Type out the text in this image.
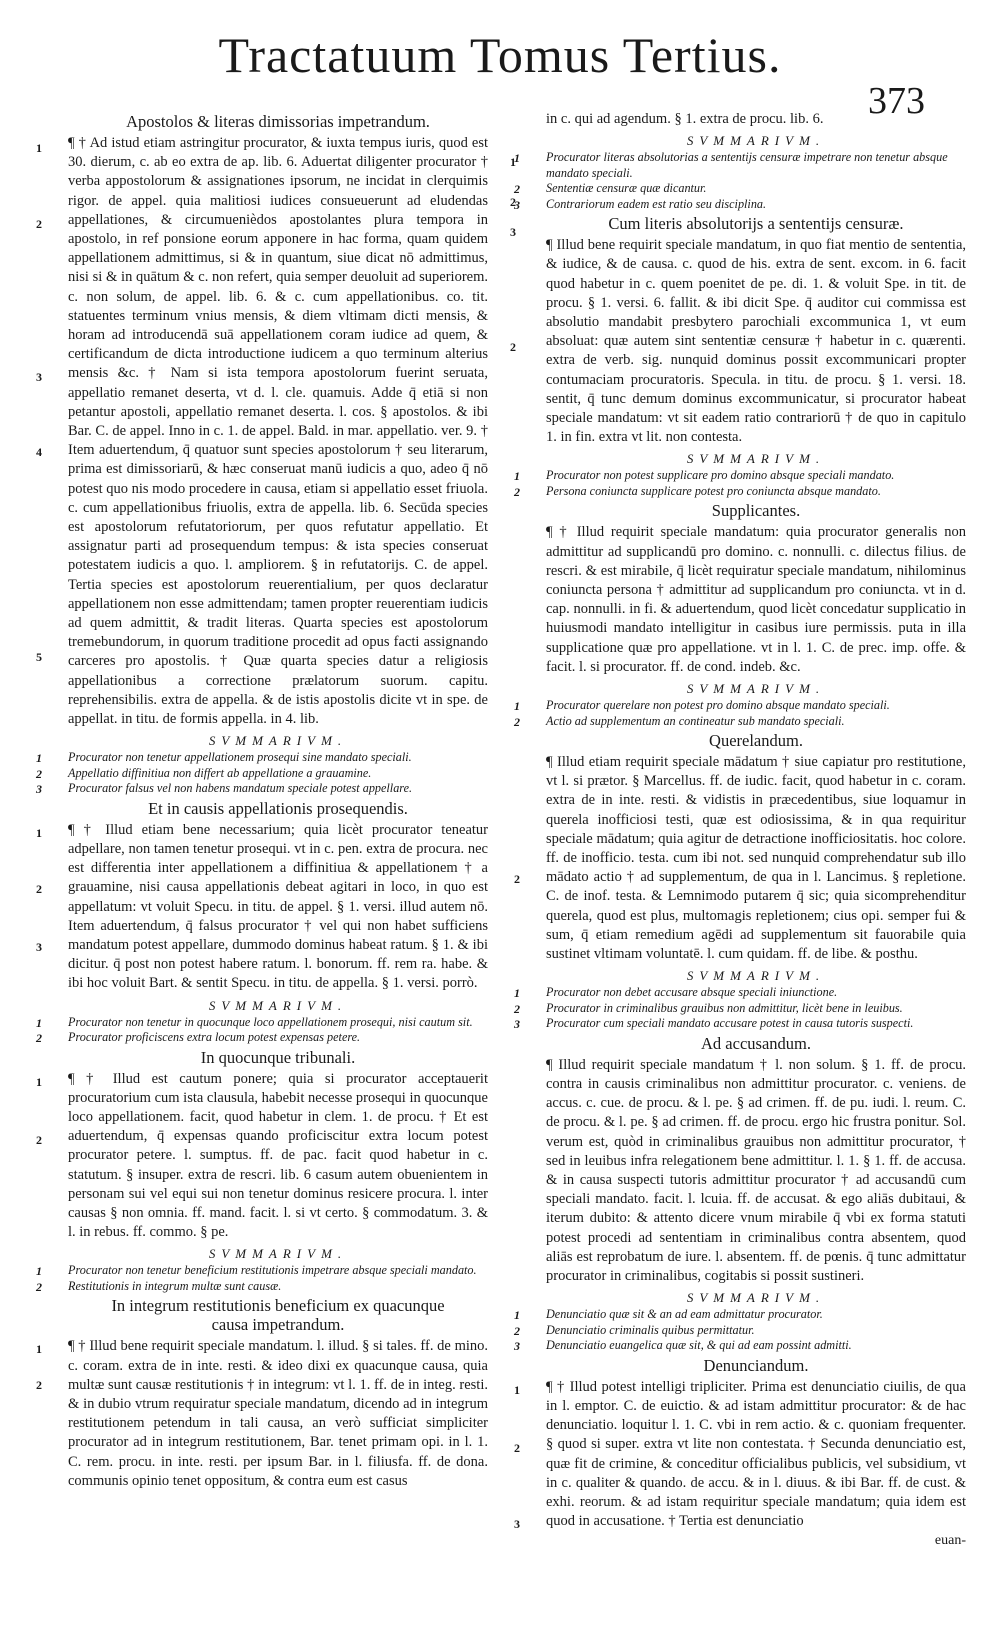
Tractatuum Tomus Tertius.
373
Apostolos & literas dimissorias impetrandum.
1
1
2
2
3
2
3
4
5

¶ † Ad istud etiam astringitur procurator, & iuxta tempus iuris, quod est 30. dierum, c. ab eo extra de ap. lib. 6. Aduertat diligenter procurator † verba appostolorum & assignationes ipsorum, ne incidat in clerquimis rigor. de appel. quia malitiosi iudices consueuerunt ad eludendas appellationes, & circumuenièdos apostolantes plura tempora in apostolo, in ref ponsione eorum apponere in hac forma, quam quidem appellationem admittimus, si & in quantum, siue dicat nō admittimus, nisi si & in quātum & c. non refert, quia semper deuoluit ad superiorem. c. non solum, de appel. lib. 6. & c. cum appellationibus. co. tit. statuentes terminum vnius mensis, & diem vltimam dicti mensis, & horam ad introducendā suā appellationem coram iudice ad quem, & certificandum de dicta introductione iudicem a quo terminum alterius mensis &c. † Nam si ista tempora apostolorum fuerint seruata, appellatio remanet deserta, vt d. l. cle. quamuis. Adde q̄ etiā si non petantur apostoli, appellatio remanet deserta. l. cos. § apostolos. & ibi Bar. C. de appel. Inno in c. 1. de appel. Bald. in mar. appellatio. ver. 9. † Item aduertendum, q̄ quatuor sunt species apostolorum † seu literarum, prima est dimissoriarū, & hæc conseruat manū iudicis a quo, adeo q̄ nō potest quo nis modo procedere in causa, etiam si appellatio esset friuola. c. cum appellationibus friuolis, extra de appella. lib. 6. Secūda species est apostolorum refutatoriorum, per quos refutatur appellatio. Et assignatur parti ad prosequendum tempus: & ista species conseruat potestatem iudicis a quo. l. ampliorem. § in refutatorijs. C. de appel. Tertia species est apostolorum reuerentialium, per quos declaratur appellationem non esse admittendam; tamen propter reuerentiam iudicis ad quem admittit, & tradit literas. Quarta species est apostolorum tremebundorum, in quorum traditione procedit ad opus facti assignando carceres pro apostolis. † Quæ quarta species datur a religiosis appellationibus a correctione prælatorum suorum. capitu. reprehensibilis. extra de appella. & de istis apostolis dicite vt in spe. de appellat. in titu. de formis appella. in 4. lib.

SVMMARIVM.
1 Procurator non tenetur appellationem prosequi sine mandato speciali.
2 Appellatio diffinitiua non differt ab appellatione a grauamine.
3 Procurator falsus vel non habens mandatum speciale potest appellare.
Et in causis appellationis prosequendis.
1
2
3

¶ † Illud etiam bene necessarium; quia licèt procurator teneatur adpellare, non tamen tenetur prosequi. vt in c. pen. extra de procura. nec est differentia inter appellationem a diffinitiua & appellationem † a grauamine, nisi causa appellationis debeat agitari in loco, in quo est appellatum: vt voluit Specu. in titu. de appel. § 1. versi. illud autem nō. Item aduertendum, q̄ falsus procurator † vel qui non habet sufficiens mandatum potest appellare, dummodo dominus habeat ratum. § 1. & ibi dicitur. q̄ post non potest habere ratum. l. bonorum. ff. rem ra. habe. & ibi hoc voluit Bart. & sentit Specu. in titu. de appella. § 1. versi. porrò.

SVMMARIVM.
1 Procurator non tenetur in quocunque loco appellationem prosequi, nisi cautum sit.
2 Procurator proficiscens extra locum potest expensas petere.
In quocunque tribunali.
1
2

¶ † Illud est cautum ponere; quia si procurator acceptauerit procuratorium cum ista clausula, habebit necesse prosequi in quocunque loco appellationem. facit, quod habetur in clem. 1. de procu. † Et est aduertendum, q̄ expensas quando proficiscitur extra locum potest procurator petere. l. sumptus. ff. de pac. facit quod habetur in c. statutum. § insuper. extra de rescri. lib. 6 casum autem obuenientem in personam sui vel equi sui non tenetur dominus resicere procura. l. inter causas § non omnia. ff. mand. facit. l. si vt certo. § commodatum. 3. & l. in rebus. ff. commo. § pe.

SVMMARIVM.
1 Procurator non tenetur beneficium restitutionis impetrare absque speciali mandato.
2 Restitutionis in integrum multæ sunt causæ.
In integrum restitutionis beneficium ex quacunque
causa impetrandum.
1
2

¶ † Illud bene requirit speciale mandatum. l. illud. § si tales. ff. de mino. c. coram. extra de in inte. resti. & ideo dixi ex quacunque causa, quia multæ sunt causæ restitutionis † in integrum: vt l. 1. ff. de in integ. resti. & in dubio vtrum requiratur speciale mandatum, dicendo ad in integrum restitutionem petendum in tali causa, an verò sufficiat simpliciter procurator ad in integrum restitutionem, Bar. tenet primam opi. in l. 1. C. rem. procu. in inte. resti. per ipsum Bar. in l. filiusfa. ff. de dona. communis opinio tenet oppositum, & contra eum est casus

in c. qui ad agendum. § 1. extra de procu. lib. 6.

SVMMARIVM.
1 Procurator literas absolutorias a sententijs censuræ impetrare non tenetur absque mandato speciali.
2 Sententiæ censuræ quæ dicantur.
3 Contrariorum eadem est ratio seu disciplina.
Cum literis absolutorijs a sententijs censuræ.

¶ Illud bene requirit speciale mandatum, in quo fiat mentio de sententia, & iudice, & de causa. c. quod de his. extra de sent. excom. in 6. facit quod habetur in c. quem poenitet de pe. di. 1. & voluit Spe. in tit. de procu. § 1. versi. 6. fallit. & ibi dicit Spe. q̄ auditor cui commissa est absolutio mandabit presbytero parochiali excommunica 1, vt eum absoluat: quæ autem sint sententiæ censuræ † habetur in c. quærenti. extra de verb. sig. nunquid dominus possit excommunicari propter contumaciam procuratoris. Specula. in titu. de procu. § 1. versi. 18. sentit, q̄ tunc demum dominus excommunicatur, si procurator habeat speciale mandatum: vt sit eadem ratio contrariorū † de quo in capitulo 1. in fin. extra vt lit. non contesta.

SVMMARIVM.
1 Procurator non potest supplicare pro domino absque speciali mandato.
2 Persona coniuncta supplicare potest pro coniuncta absque mandato.
Supplicantes.

¶ † Illud requirit speciale mandatum: quia procurator generalis non admittitur ad supplicandū pro domino. c. nonnulli. c. dilectus filius. de rescri. & est mirabile, q̄ licèt requiratur speciale mandatum, nihilominus coniuncta persona † admittitur ad supplicandum pro coniuncta. vt in d. cap. nonnulli. in fi. & aduertendum, quod licèt concedatur supplicatio in huiusmodi mandato intelligitur in casibus iure permissis. puta in illa supplicatione quæ pro appellatione. vt in l. 1. C. de prec. imp. offe. & facit. l. si procurator. ff. de cond. indeb. &c.

SVMMARIVM.
1 Procurator querelare non potest pro domino absque mandato speciali.
2 Actio ad supplementum an contineatur sub mandato speciali.
Querelandum.
2

¶ Illud etiam requirit speciale mādatum † siue capiatur pro restitutione, vt l. si prætor. § Marcellus. ff. de iudic. facit, quod habetur in c. coram. extra de in inte. resti. & vidistis in præcedentibus, siue loquamur in querela inofficiosi testi, quæ est odiosissima, & in qua requiritur speciale mādatum; quia agitur de detractione inofficiositatis. hoc colore. ff. de inofficio. testa. cum ibi not. sed nunquid comprehendatur sub illo mādato actio † ad supplementum, de qua in l. Lancimus. § repletione. C. de inof. testa. & Lemnimodo putarem q̄ sic; quia sicomprehenditur querela, quod est plus, multomagis repletionem; cius opi. semper fui & sum, q̄ etiam remedium agēdi ad supplementum sit fauorabile quia sustinet vltimam voluntatē. l. cum quidam. ff. de libe. & posthu.

SVMMARIVM.
1 Procurator non debet accusare absque speciali iniunctione.
2 Procurator in criminalibus grauibus non admittitur, licèt bene in leuibus.
3 Procurator cum speciali mandato accusare potest in causa tutoris suspecti.
Ad accusandum.

¶ Illud requirit speciale mandatum † l. non solum. § 1. ff. de procu. contra in causis criminalibus non admittitur procurator. c. veniens. de accus. c. cue. de procu. & l. pe. § ad crimen. ff. de pu. iudi. l. reum. C. de procu. & l. pe. § ad crimen. ff. de procu. ergo hic frustra ponitur. Sol. verum est, quòd in criminalibus grauibus non admittitur procurator, † sed in leuibus infra relegationem bene admittitur. l. 1. § 1. ff. de accusa. & in causa suspecti tutoris admittitur procurator † ad accusandū cum speciali mandato. facit. l. lcuia. ff. de accusat. & ego aliās dubitaui, & iterum dubito: & attento dicere vnum mirabile q̄ vbi ex forma statuti potest procedi ad sententiam in criminalibus contra absentem, quod aliās est reprobatum de iure. l. absentem. ff. de pœnis. q̄ tunc admittatur procurator in criminalibus, cogitabis si possit sustineri.

SVMMARIVM.
1 Denunciatio quæ sit & an ad eam admittatur procurator.
2 Denunciatio criminalis quibus permittatur.
3 Denunciatio euangelica quæ sit, & qui ad eam possint admitti.
Denunciandum.
1
2
3

¶ † Illud potest intelligi tripliciter. Prima est denunciatio ciuilis, de qua in l. emptor. C. de euictio. & ad istam admittitur procurator: & de hac denunciatio. loquitur l. 1. C. vbi in rem actio. & c. quoniam frequenter. § quod si super. extra vt lite non contestata. † Secunda denunciatio est, quæ fit de crimine, & conceditur officialibus publicis, vel subsidium, vt in c. qualiter & quando. de accu. & in l. diuus. & ibi Bar. ff. de cust. & exhi. reorum. & ad istam requiritur speciale mandatum; quia idem est quod in accusatione. † Tertia est denunciatio

euan-
